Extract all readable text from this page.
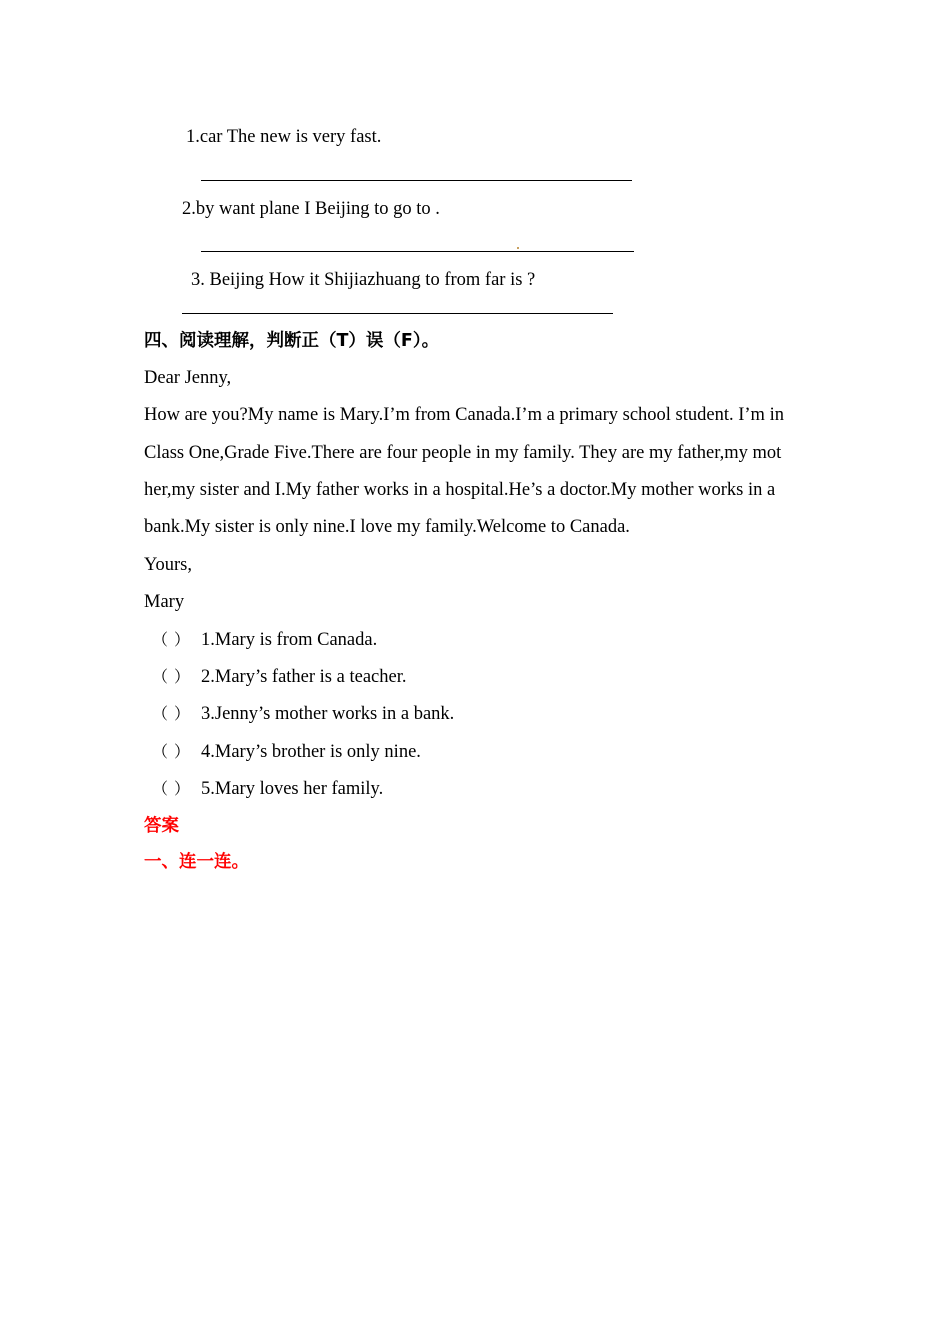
1.car The new is very fast.
2.by want plane I Beijing to go to .
3. Beijing How it Shijiazhuang to from far is ?
四、阅读理解，判断正（T）误（F）。
Dear Jenny,
How are you?My name is Mary.I’m from Canada.I’m a primary school student. I’m in
Class One,Grade Five.There are four people in my family. They are my father,my mot
her,my sister and I.My father works in a hospital.He’s a doctor.My mother works in a
bank.My sister is only nine.I love my family.Welcome to Canada.
Yours,
Mary
（ ） 1.Mary is from Canada.
（ ） 2.Mary’s father is a teacher.
（ ） 3.Jenny’s mother works in a bank.
（ ） 4.Mary’s brother is only nine.
（ ） 5.Mary loves her family.
答案
一、连一连。
